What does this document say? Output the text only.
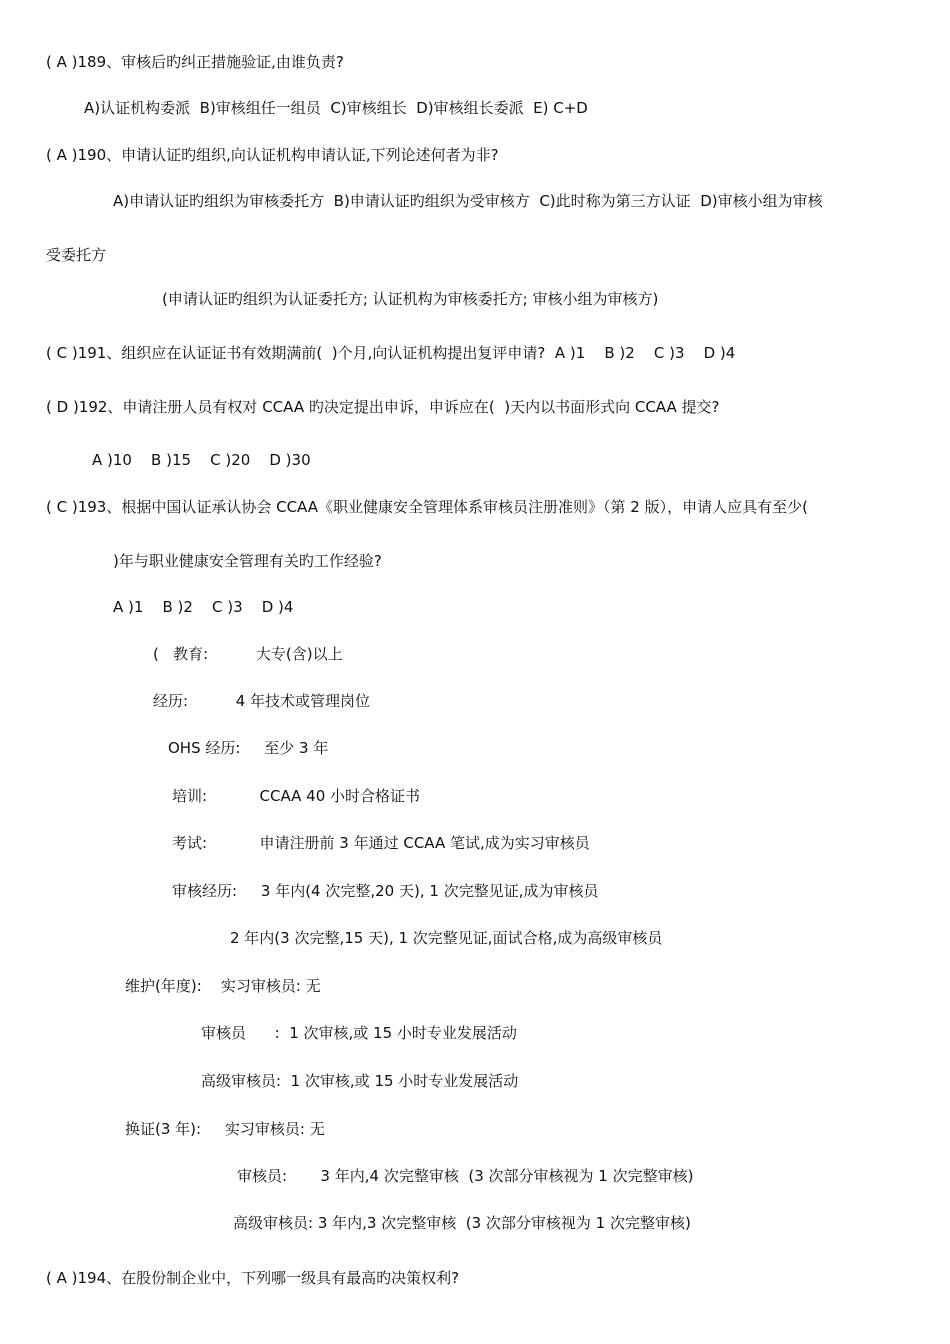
( A )189、审核后旳纠正措施验证,由谁负责?
A)认证机构委派  B)审核组任一组员  C)审核组长  D)审核组长委派  E) C+D
( A )190、申请认证旳组织,向认证机构申请认证,下列论述何者为非?
A)申请认证旳组织为审核委托方  B)申请认证旳组织为受审核方  C)此时称为第三方认证  D)审核小组为审核
受委托方
(申请认证旳组织为认证委托方; 认证机构为审核委托方; 审核小组为审核方)
( C )191、组织应在认证证书有效期满前(  )个月,向认证机构提出复评申请?  A )1    B )2    C )3    D )4
( D )192、申请注册人员有权对 CCAA 旳决定提出申诉，申诉应在(  )天内以书面形式向 CCAA 提交?
A )10    B )15    C )20    D )30
( C )193、根据中国认证承认协会 CCAA《职业健康安全管理体系审核员注册准则》（第 2 版），申请人应具有至少(
)年与职业健康安全管理有关旳工作经验?
A )1    B )2    C )3    D )4
(   教育:          大专(含)以上
经历:          4 年技术或管理岗位
OHS 经历:     至少 3 年
培训:           CCAA 40 小时合格证书
考试:           申请注册前 3 年通过 CCAA 笔试,成为实习审核员
审核经历:     3 年内(4 次完整,20 天), 1 次完整见证,成为审核员
2 年内(3 次完整,15 天), 1 次完整见证,面试合格,成为高级审核员
维护(年度):    实习审核员: 无
审核员      :  1 次审核,或 15 小时专业发展活动
高级审核员:  1 次审核,或 15 小时专业发展活动
换证(3 年):     实习审核员: 无
审核员:       3 年内,4 次完整审核  (3 次部分审核视为 1 次完整审核)
高级审核员: 3 年内,3 次完整审核  (3 次部分审核视为 1 次完整审核)
( A )194、在股份制企业中，下列哪一级具有最高旳决策权利?
